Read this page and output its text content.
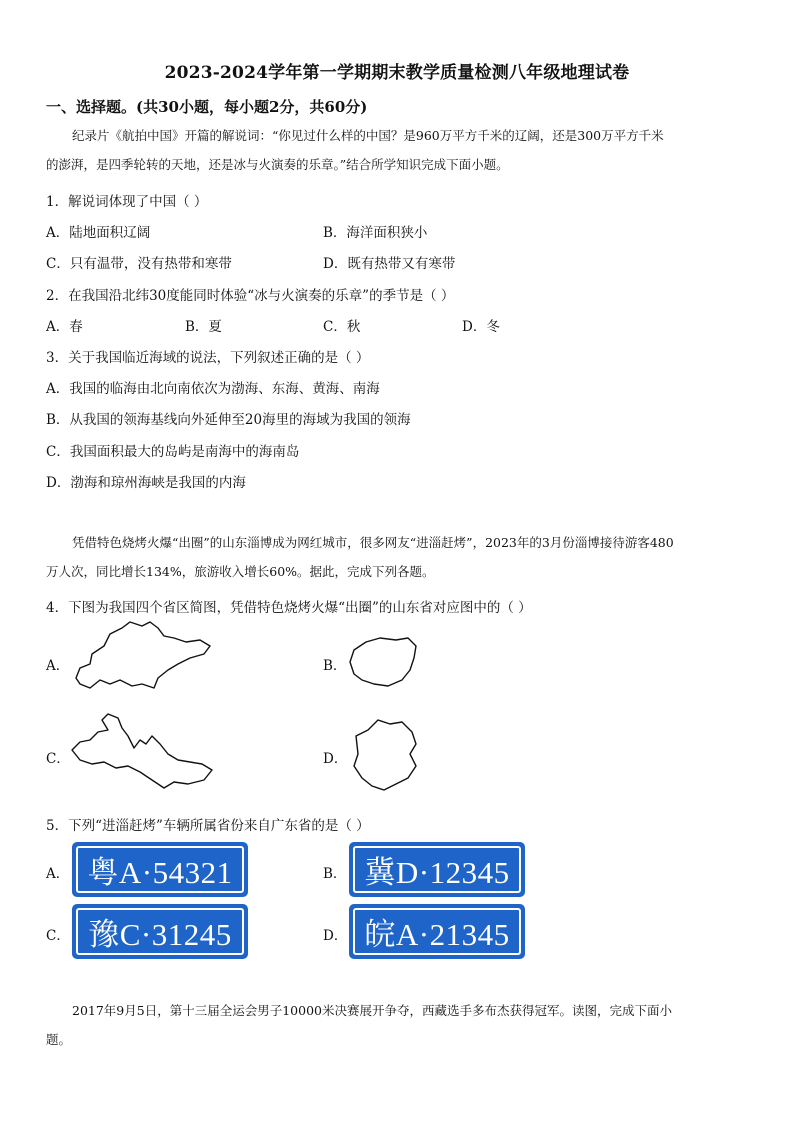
2023-2024学年第一学期期末教学质量检测八年级地理试卷
一、选择题。(共30小题，每小题2分，共60分)
纪录片《航拍中国》开篇的解说词：“你见过什么样的中国？是960万平方千米的辽阔，还是300万平方千米
的澎湃，是四季轮转的天地，还是冰与火演奏的乐章。”结合所学知识完成下面小题。
1．解说词体现了中国（ ）
A．陆地面积辽阔	B．海洋面积狭小
C．只有温带，没有热带和寒带	D．既有热带又有寒带
2．在我国沿北纬30度能同时体验“冰与火演奏的乐章”的季节是（ ）
A．春	B．夏	C．秋	D．冬
3．关于我国临近海域的说法，下列叙述正确的是（ ）
A．我国的临海由北向南依次为渤海、东海、黄海、南海
B．从我国的领海基线向外延伸至20海里的海域为我国的领海
C．我国面积最大的岛屿是南海中的海南岛
D．渤海和琼州海峡是我国的内海
凭借特色烧烤火爆“出圈”的山东淄博成为网红城市，很多网友“进淄赶烤”，2023年的3月份淄博接待游客480
万人次，同比增长134%，旅游收入增长60%。据此，完成下列各题。
4．下图为我国四个省区简图，凭借特色烧烤火爆“出圈”的山东省对应图中的（ ）
A．	B．
C．	D．
5．下列“进淄赶烤”车辆所属省份来自广东省的是（ ）
A．	B．
C．	D．
粤A·54321	冀D·12345
豫C·31245	皖A·21345
2017年9月5日，第十三届全运会男子10000米决赛展开争夺，西藏选手多布杰获得冠军。读图，完成下面小
题。
